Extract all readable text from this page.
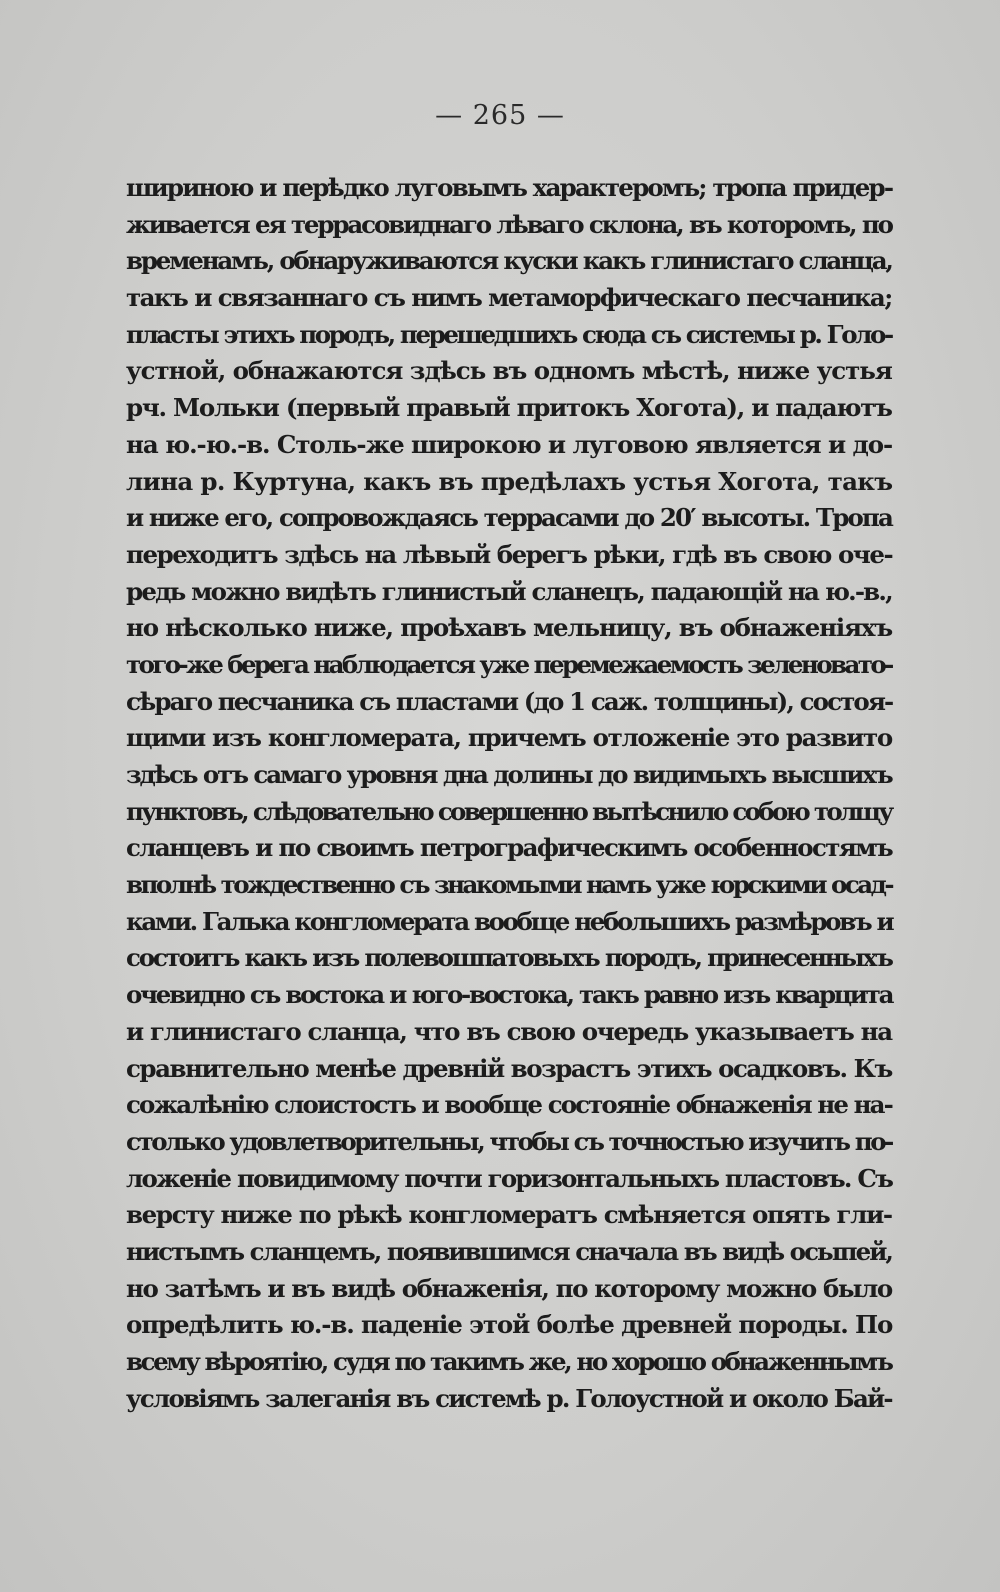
— 265 —
шириною и перѣдко луговымъ характеромъ; тропа придер-
живается ея террасовиднаго лѣваго склона, въ которомъ, по
временамъ, обнаруживаются куски какъ глинистаго сланца,
такъ и связаннаго съ нимъ метаморфическаго песчаника;
пласты этихъ породъ, перешедшихъ сюда съ системы р. Голо-
устной, обнажаются здѣсь въ одномъ мѣстѣ, ниже устья
рч. Мольки (первый правый притокъ Хогота), и падаютъ
на ю.-ю.-в. Столь-же широкою и луговою является и до-
лина р. Куртуна, какъ въ предѣлахъ устья Хогота, такъ
и ниже его, сопровождаясь террасами до 20′ высоты. Тропа
переходитъ здѣсь на лѣвый берегъ рѣки, гдѣ въ свою оче-
редь можно видѣть глинистый сланецъ, падающій на ю.-в.,
но нѣсколько ниже, проѣхавъ мельницу, въ обнаженіяхъ
того-же берега наблюдается уже перемежаемость зеленовато-
сѣраго песчаника съ пластами (до 1 саж. толщины), состоя-
щими изъ конгломерата, причемъ отложеніе это развито
здѣсь отъ самаго уровня дна долины до видимыхъ высшихъ
пунктовъ, слѣдовательно совершенно вытѣснило собою толщу
сланцевъ и по своимъ петрографическимъ особенностямъ
вполнѣ тождественно съ знакомыми намъ уже юрскими осад-
ками. Галька конгломерата вообще небольшихъ размѣровъ и
состоитъ какъ изъ полевошпатовыхъ породъ, принесенныхъ
очевидно съ востока и юго-востока, такъ равно изъ кварцита
и глинистаго сланца, что въ свою очередь указываетъ на
сравнительно менѣе древній возрастъ этихъ осадковъ. Къ
сожалѣнію слоистость и вообще состояніе обнаженія не на-
столько удовлетворительны, чтобы съ точностью изучить по-
ложеніе повидимому почти горизонтальныхъ пластовъ. Съ
версту ниже по рѣкѣ конгломератъ смѣняется опять гли-
нистымъ сланцемъ, появившимся сначала въ видѣ осыпей,
но затѣмъ и въ видѣ обнаженія, по которому можно было
опредѣлить ю.-в. паденіе этой болѣе древней породы. По
всему вѣроятію, судя по такимъ же, но хорошо обнаженнымъ
условіямъ залеганія въ системѣ р. Голоустной и около Бай-
